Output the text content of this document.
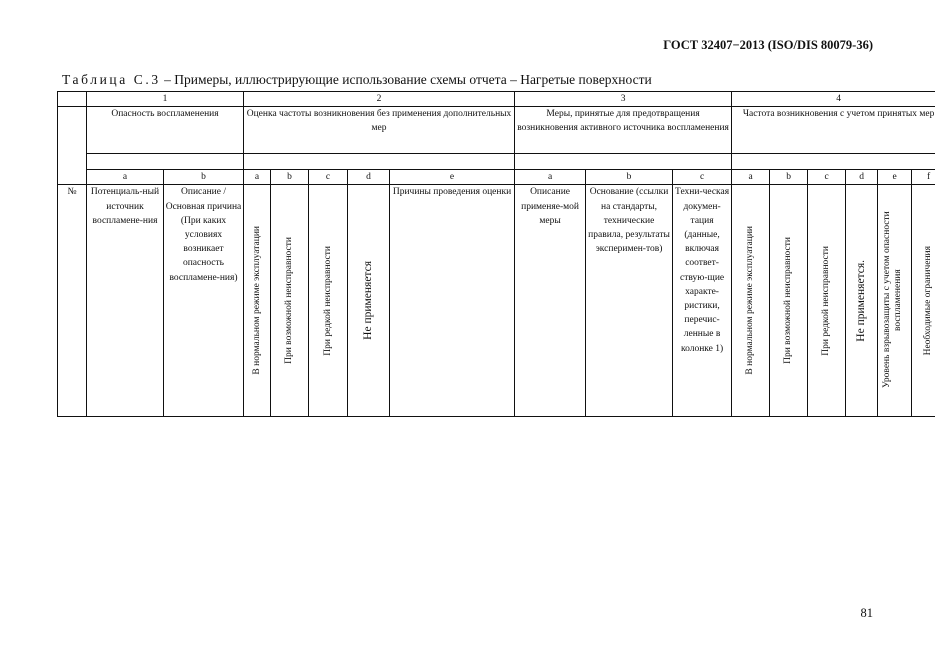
ГОСТ 32407−2013 (ISO/DIS 80079-36)
Таблица С.3 – Примеры, иллюстрирующие использование схемы отчета – Нагретые поверхности
	1		2					3			4					
	Опасность воспламенения		Оценка частоты возникновения без применения дополнительных мер					Меры, принятые для предотвращения возникновения активного источника воспламенения			Частота возникновения с учетом принятых мер					

	a	b	a	b	c	d	e	a	b	c	a	b	c	d	e	f
№	Потенциаль-ный источник воспламене-ния	Описание / Основная причина (При каких условиях возникает опасность воспламене-ния)	В нормальном режиме эксплуатации	При возможной неисправности	При редкой неисправности	Не применяется	Причины проведения оценки	Описание применяе-мой меры	Основание (ссылки на стандарты, технические правила, результаты эксперимен-тов)	Техни-ческая докумен-тация (данные, включая соответ-ствую-щие характе-ристики, перечис-ленные в колонке 1)	В нормальном режиме эксплуатации	При возможной неисправности	При редкой неисправности	Не применяется.	Уровень взрывозащиты с учетом опасности воспламенения	Необходимые ограничения
81
